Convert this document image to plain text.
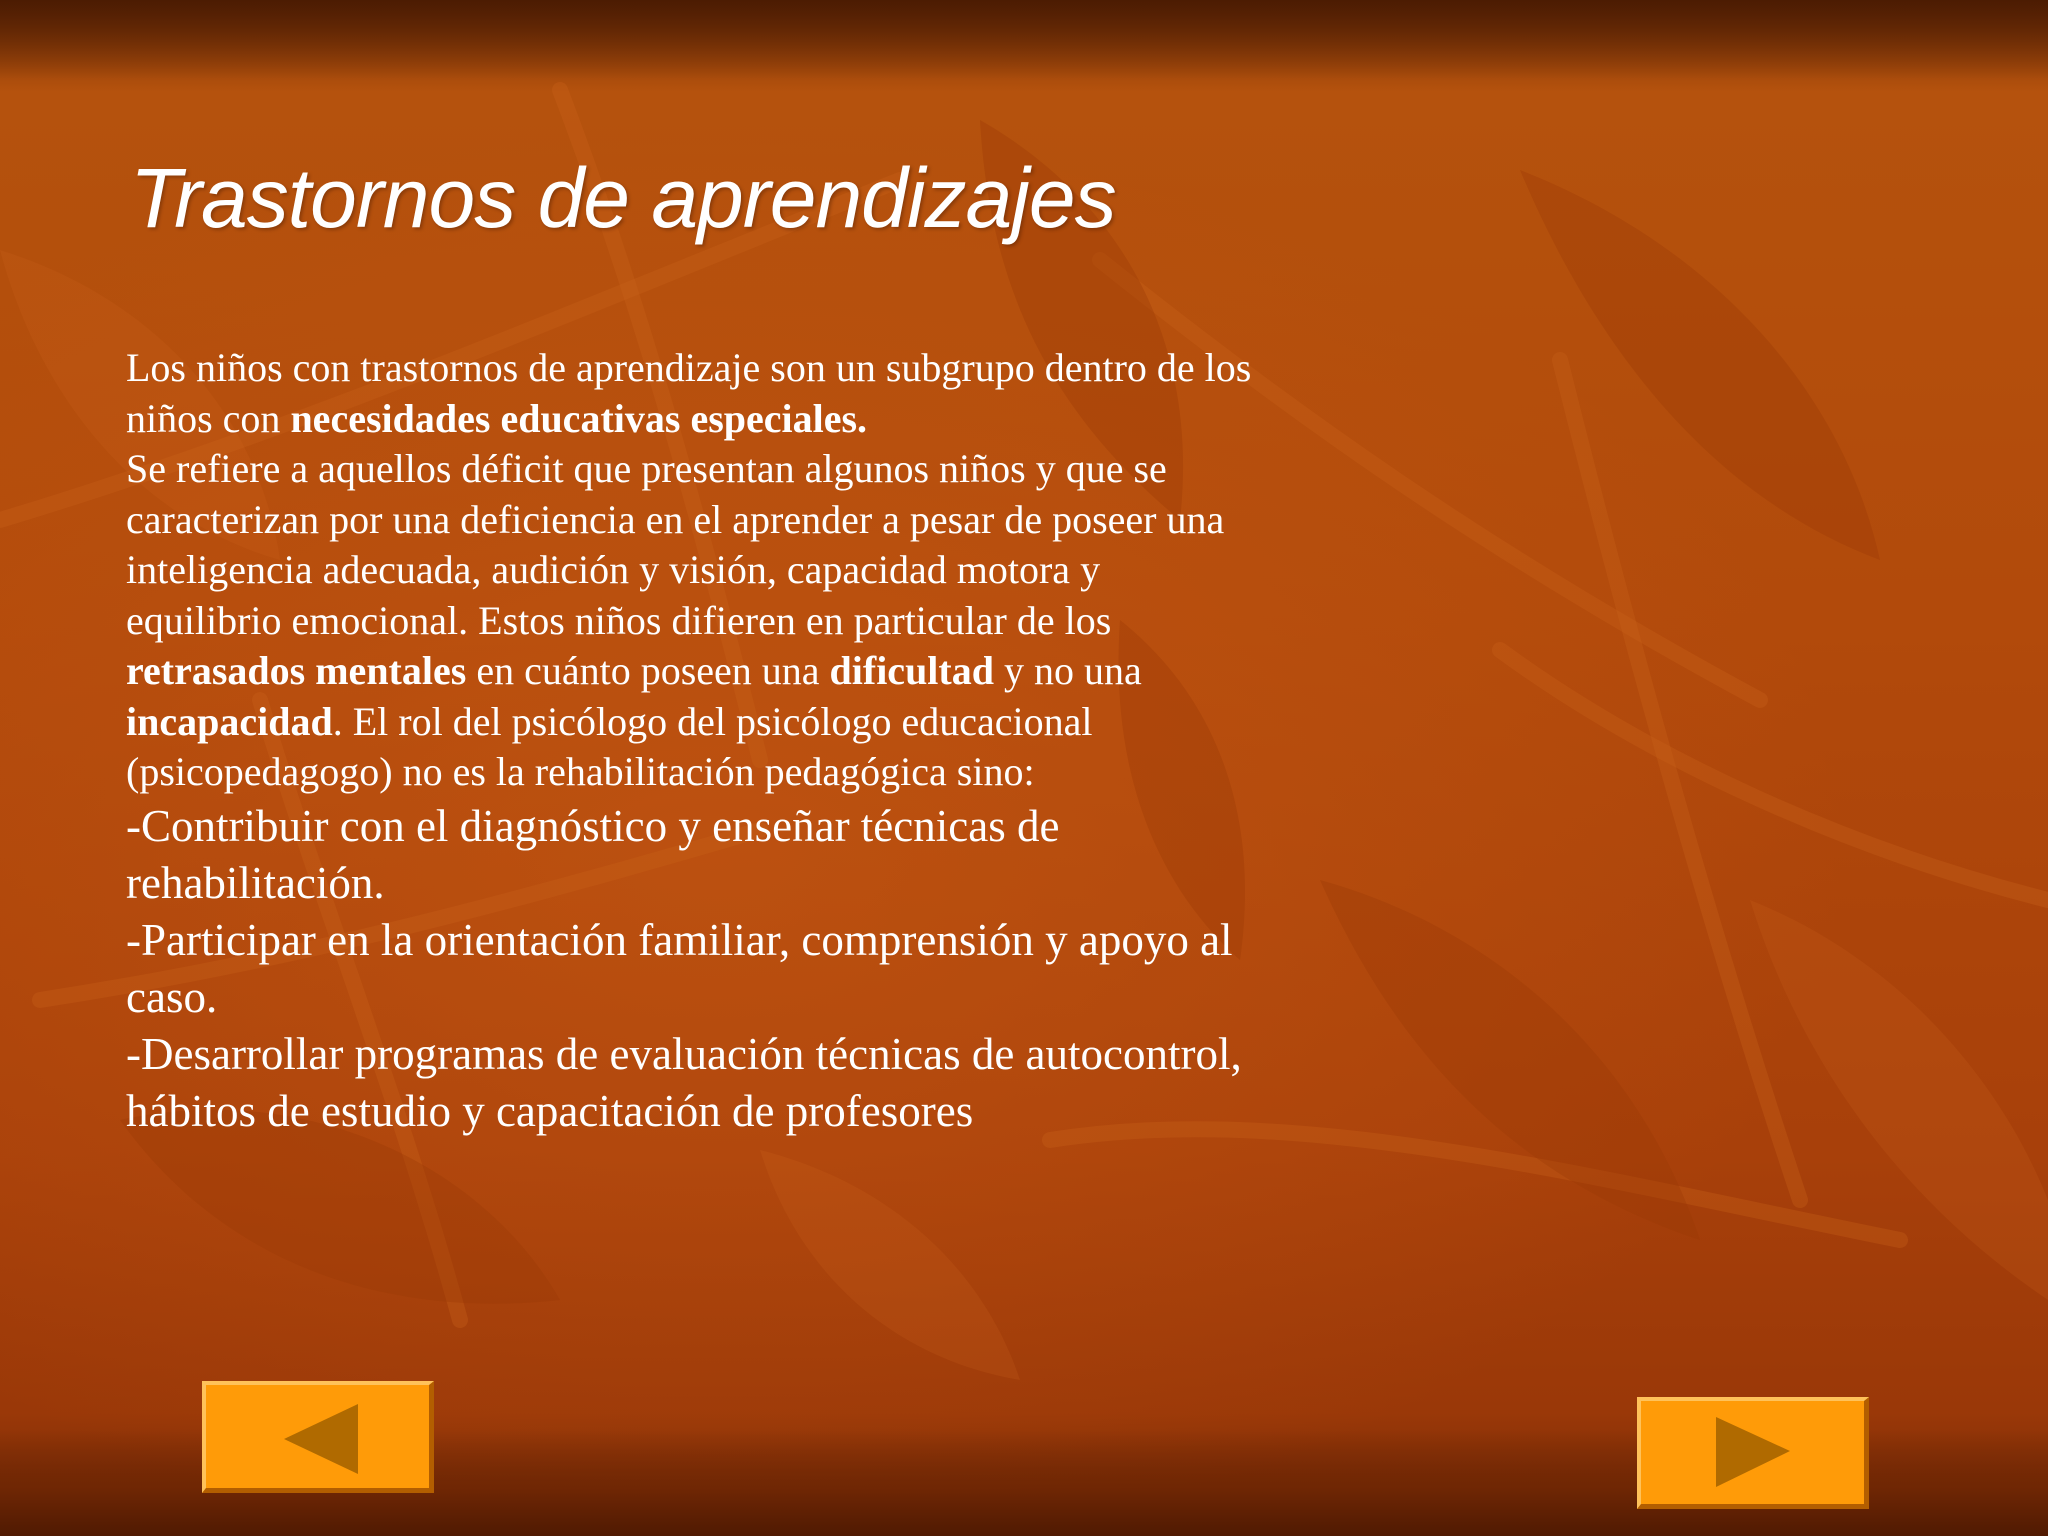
Trastornos de aprendizajes
Los niños con trastornos de aprendizaje son un subgrupo dentro de los
niños con necesidades educativas especiales.
Se refiere a aquellos déficit que presentan algunos niños y que se
caracterizan por una deficiencia en el aprender a pesar de poseer una
inteligencia adecuada, audición y visión, capacidad motora y
equilibrio emocional. Estos niños difieren en particular de los
retrasados mentales en cuánto poseen una dificultad y no una
incapacidad. El rol del psicólogo del psicólogo educacional
(psicopedagogo) no es la rehabilitación pedagógica sino:
-Contribuir con el diagnóstico y enseñar técnicas de
rehabilitación.
-Participar en la orientación familiar, comprensión y apoyo al
caso.
-Desarrollar programas de evaluación técnicas de autocontrol,
hábitos de estudio y capacitación de profesores
